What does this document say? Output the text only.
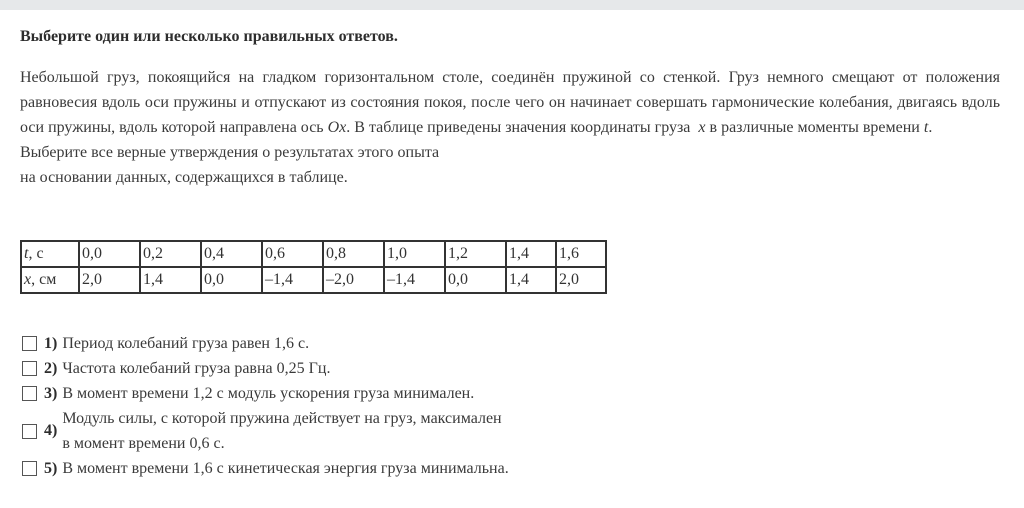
Выберите один или несколько правильных ответов.

Небольшой груз, покоящийся на гладком горизонтальном столе, соединён пружиной со стенкой. Груз немного смещают от положения равновесия вдоль оси пружины и отпускают из состояния покоя, после чего он начинает совершать гармонические колебания, двигаясь вдоль оси пружины, вдоль которой направлена ось Ox. В таблице приведены значения координаты груза  x в различные моменты времени t.

Выберите все верные утверждения о результатах этого опыта
на основании данных, содержащихся в таблице.
t, с	0,0	0,2	0,4	0,6	0,8	1,0	1,2	1,4	1,6
x, см	2,0	1,4	0,0	–1,4	–2,0	–1,4	0,0	1,4	2,0
1) Период колебаний груза равен 1,6 с.
2) Частота колебаний груза равна 0,25 Гц.
3) В момент времени 1,2 с модуль ускорения груза минимален.
4)
Модуль силы, с которой пружина действует на груз, максимален
в момент времени 0,6 с.
5) В момент времени 1,6 с кинетическая энергия груза минимальна.
